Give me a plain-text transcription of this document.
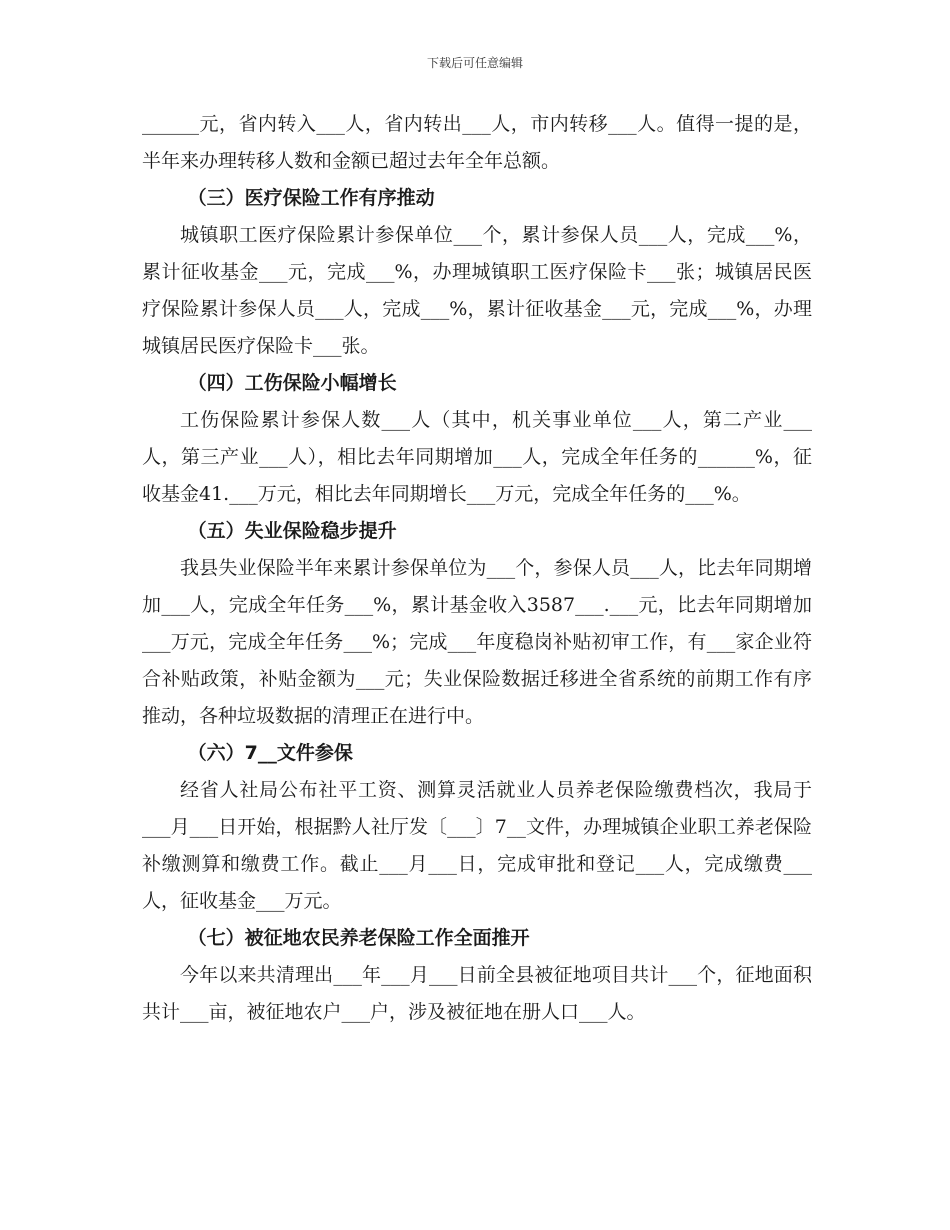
下载后可任意编辑

______元，省内转入___人，省内转出___人，市内转移___人。值得一提的是，半年来办理转移人数和金额已超过去年全年总额。

（三）医疗保险工作有序推动

城镇职工医疗保险累计参保单位___个，累计参保人员___人，完成___%，累计征收基金___元，完成___%，办理城镇职工医疗保险卡___张；城镇居民医疗保险累计参保人员___人，完成___%，累计征收基金___元，完成___%，办理城镇居民医疗保险卡___张。

（四）工伤保险小幅增长

工伤保险累计参保人数___人（其中，机关事业单位___人，第二产业___人，第三产业___人），相比去年同期增加___人，完成全年任务的______%，征收基金41.___万元，相比去年同期增长___万元，完成全年任务的___%。

（五）失业保险稳步提升

我县失业保险半年来累计参保单位为___个，参保人员___人，比去年同期增加___人，完成全年任务___%，累计基金收入3587___.___元，比去年同期增加___万元，完成全年任务___%；完成___年度稳岗补贴初审工作，有___家企业符合补贴政策，补贴金额为___元；失业保险数据迁移进全省系统的前期工作有序推动，各种垃圾数据的清理正在进行中。

（六）7__文件参保

经省人社局公布社平工资、测算灵活就业人员养老保险缴费档次，我局于___月___日开始，根据黔人社厅发〔___〕7__文件，办理城镇企业职工养老保险补缴测算和缴费工作。截止___月___日，完成审批和登记___人，完成缴费___人，征收基金___万元。

（七）被征地农民养老保险工作全面推开

今年以来共清理出___年___月___日前全县被征地项目共计___个，征地面积共计___亩，被征地农户___户，涉及被征地在册人口___人。
